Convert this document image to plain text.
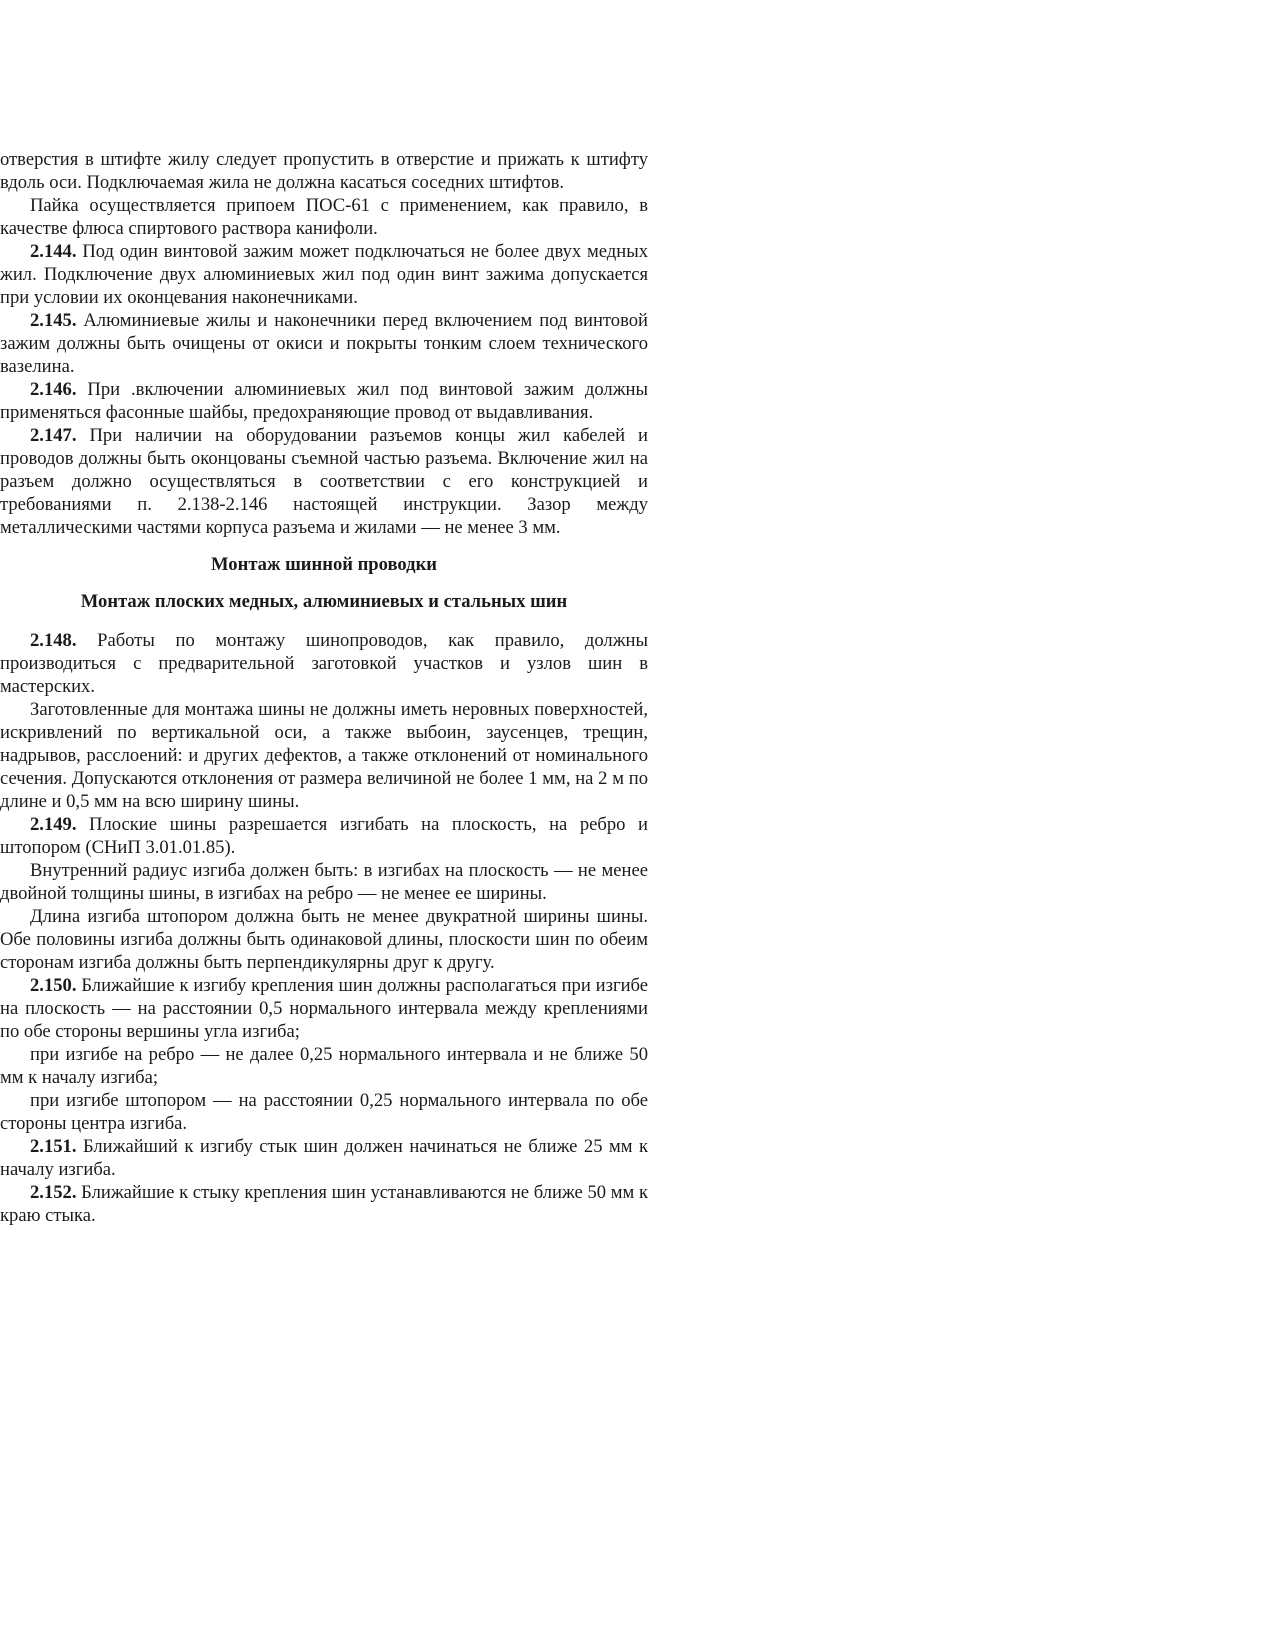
отверстия в штифте жилу следует пропустить в отверстие и прижать к штифту вдоль оси. Подключаемая жила не должна касаться соседних штифтов.

Пайка осуществляется припоем ПОС-61 с применением, как правило, в качестве флюса спиртового раствора канифоли.

2.144. Под один винтовой зажим может подключаться не более двух медных жил. Подключение двух алюминиевых жил под один винт зажима допускается при условии их оконцевания наконечниками.

2.145. Алюминиевые жилы и наконечники перед включением под винтовой зажим должны быть очищены от окиси и покрыты тонким слоем технического вазелина.

2.146. При .включении алюминиевых жил под винтовой зажим должны применяться фасонные шайбы, предохраняющие провод от выдавливания.

2.147. При наличии на оборудовании разъемов концы жил кабелей и проводов должны быть оконцованы съемной частью разъема. Включение жил на разъем должно осуществляться в соответствии с его конструкцией и требованиями п. 2.138-2.146 настоящей инструкции. Зазор между металлическими частями корпуса разъема и жилами — не менее 3 мм.

Монтаж шинной проводки

Монтаж плоских медных, алюминиевых и стальных шин

2.148. Работы по монтажу шинопроводов, как правило, должны производиться с предварительной заготовкой участков и узлов шин в мастерских.

Заготовленные для монтажа шины не должны иметь неровных поверхностей, искривлений по вертикальной оси, а также выбоин, заусенцев, трещин, надрывов, расслоений: и других дефектов, а также отклонений от номинального сечения. Допускаются отклонения от размера величиной не более 1 мм, на 2 м по длине и 0,5 мм на всю ширину шины.

2.149. Плоские шины разрешается изгибать на плоскость, на ребро и штопором (СНиП 3.01.01.85).

Внутренний радиус изгиба должен быть: в изгибах на плоскость — не менее двойной толщины шины, в изгибах на ребро — не менее ее ширины.

Длина изгиба штопором должна быть не менее двукратной ширины шины. Обе половины изгиба должны быть одинаковой длины, плоскости шин по обеим сторонам изгиба должны быть перпендикулярны друг к другу.

2.150. Ближайшие к изгибу крепления шин должны располагаться при изгибе на плоскость — на расстоянии 0,5 нормального интервала между креплениями по обе стороны вершины угла изгиба;

при изгибе на ребро — не далее 0,25 нормального интервала и не ближе 50 мм к началу изгиба;

при изгибе штопором — на расстоянии 0,25 нормального интервала по обе стороны центра изгиба.

2.151. Ближайший к изгибу стык шин должен начинаться не ближе 25 мм к началу изгиба.

2.152. Ближайшие к стыку крепления шин устанавливаются не ближе 50 мм к краю стыка.
